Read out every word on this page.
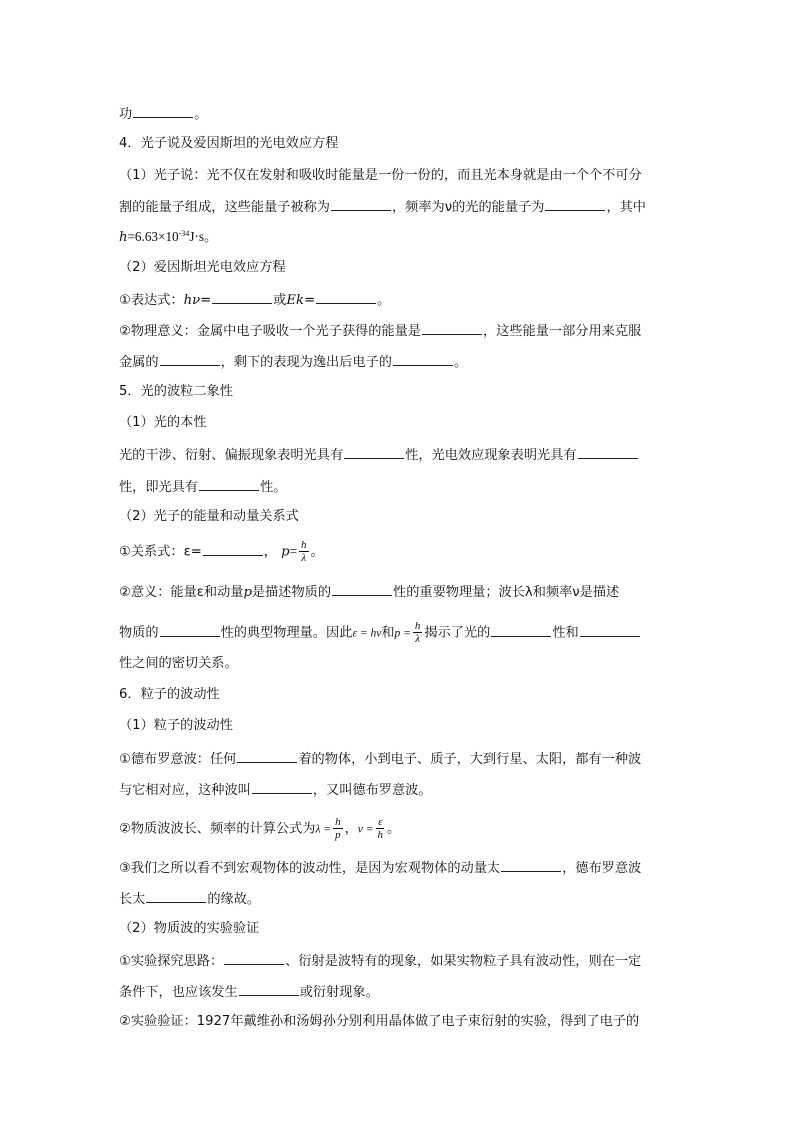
功	。
4．光子说及爱因斯坦的光电效应方程
（1）光子说：光不仅在发射和吸收时能量是一份一份的，而且光本身就是由一个个不可分
割的能量子组成，这些能量子被称为	，频率为ν的光的能量子为	，其中
$h=6.63\times 10^{-34}J\cdot s$。
（2）爱因斯坦光电效应方程
①表达式：hν=	或Ek=	。
②物理意义：金属中电子吸收一个光子获得的能量是	，这些能量一部分用来克服
金属的	，剩下的表现为逸出后电子的	。
5．光的波粒二象性
（1）光的本性
光的干涉、衍射、偏振现象表明光具有	性，光电效应现象表明光具有
性，即光具有	性。
（2）光子的能量和动量关系式
①关系式：ε=	， $p= \frac{h}{\lambda}$ 。
②意义：能量ε和动量p是描述物质的	性的重要物理量；波长λ和频率ν是描述
物质的	性的典型物理量。因此ε = hν和$p = \frac{h}{\lambda}$ 揭示了光的	性和
性之间的密切关系。
6．粒子的波动性
（1）粒子的波动性
①德布罗意波：任何	着的物体，小到电子、质子，大到行星、太阳，都有一种波
与它相对应，这种波叫	，又叫德布罗意波。
②物质波波长、频率的计算公式为$\lambda = \frac{h}{p}$ ，$\nu = \frac{\varepsilon}{h}$ 。
③我们之所以看不到宏观物体的波动性，是因为宏观物体的动量太	，德布罗意波
长太	的缘故。
（2）物质波的实验验证
①实验探究思路：	、衍射是波特有的现象，如果实物粒子具有波动性，则在一定
条件下，也应该发生	或衍射现象。
②实验验证：1927年戴维孙和汤姆孙分别利用晶体做了电子束衍射的实验，得到了电子的
